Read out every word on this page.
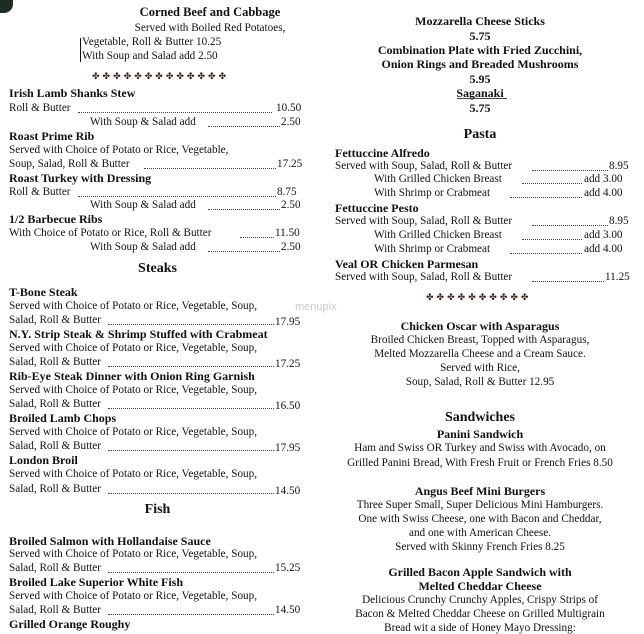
menupix
Corned Beef and Cabbage
Served with Boiled Red Potatoes,
Vegetable, Roll & Butter 10.25
With Soup and Salad add 2.50
✤ ✤ ✤ ✤ ✤ ✤ ✤ ✤ ✤ ✤ ✤ ✤ ✤
Irish Lamb Shanks Stew
Roll & Butter	10.50
With Soup & Salad add	2.50
Roast Prime Rib
Served with Choice of Potato or Rice, Vegetable,
Soup, Salad, Roll & Butter	17.25
Roast Turkey with Dressing
Roll & Butter	8.75
With Soup & Salad add	2.50
1/2 Barbecue Ribs
With Choice of Potato or Rice, Roll & Butter	11.50
With Soup & Salad add	2.50
Steaks
T-Bone Steak
Served with Choice of Potato or Rice, Vegetable, Soup,
Salad, Roll & Butter	17.95
N.Y. Strip Steak & Shrimp Stuffed with Crabmeat
Served with Choice of Potato or Rice, Vegetable, Soup,
Salad, Roll & Butter	17.25
Rib-Eye Steak Dinner with Onion Ring Garnish
Served with Choice of Potato or Rice, Vegetable, Soup,
Salad, Roll & Butter	16.50
Broiled Lamb Chops
Served with Choice of Potato or Rice, Vegetable, Soup,
Salad, Roll & Butter	17.95
London Broil
Served with Choice of Potato or Rice, Vegetable, Soup,
Salad, Roll & Butter	14.50
Fish
Broiled Salmon with Hollandaise Sauce
Served with Choice of Potato or Rice, Vegetable, Soup,
Salad, Roll & Butter	15.25
Broiled Lake Superior White Fish
Served with Choice of Potato or Rice, Vegetable, Soup,
Salad, Roll & Butter	14.50
Grilled Orange Roughy
Mozzarella Cheese Sticks
5.75
Combination Plate with Fried Zucchini,
Onion Rings and Breaded Mushrooms
5.95
Saganaki
5.75
Pasta
Fettuccine Alfredo
Served with Soup, Salad, Roll & Butter	8.95
With Grilled Chicken Breast	add 3.00
With Shrimp or Crabmeat	add 4.00
Fettuccine Pesto
Served with Soup, Salad, Roll & Butter	8.95
With Grilled Chicken Breast	add 3.00
With Shrimp or Crabmeat	add 4.00
Veal OR Chicken Parmesan
Served with Soup, Salad, Roll & Butter	11.25
✤ ✤ ✤ ✤ ✤ ✤ ✤ ✤ ✤ ✤
Chicken Oscar with Asparagus
Broiled Chicken Breast, Topped with Asparagus,
Melted Mozzarella Cheese and a Cream Sauce.
Served with Rice,
Soup, Salad, Roll & Butter 12.95
Sandwiches
Panini Sandwich
Ham and Swiss OR Turkey and Swiss with Avocado, on
Grilled Panini Bread, With Fresh Fruit or French Fries 8.50
Angus Beef Mini Burgers
Three Super Small, Super Delicious Mini Hamburgers.
One with Swiss Cheese, one with Bacon and Cheddar,
and one with American Cheese.
Served with Skinny French Fries 8.25
Grilled Bacon Apple Sandwich with
Melted Cheddar Cheese
Delicious Crunchy Crunchy Apples, Crispy Strips of
Bacon & Melted Cheddar Cheese on Grilled Multigrain
Bread wit a side of Honey Mayo Dressing:
